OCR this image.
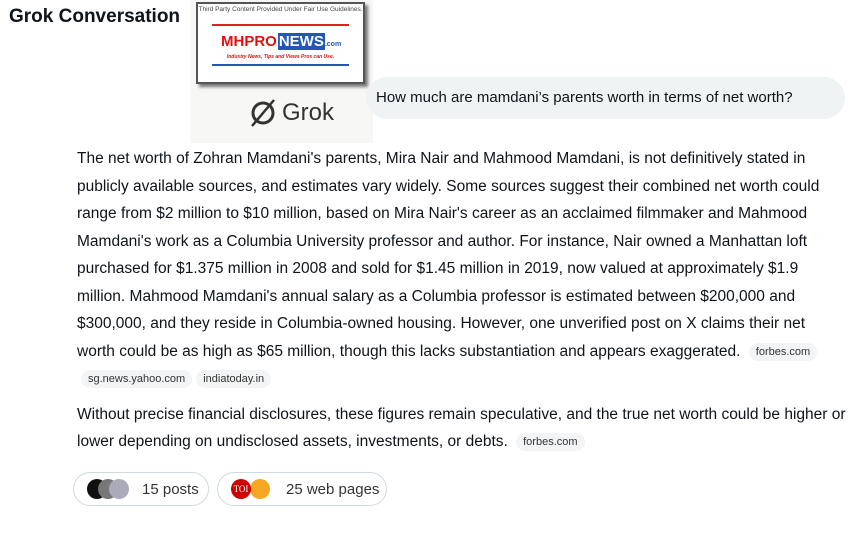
Grok Conversation	Third Party Content Provided Under Fair Use Guidelines.
MHPRO NEWS.com
Industry News, Tips and Views Pros can Use.
Grok
How much are mamdani’s parents worth in terms of net worth?

The net worth of Zohran Mamdani's parents, Mira Nair and Mahmood Mamdani, is not definitively stated in publicly available sources, and estimates vary widely. Some sources suggest their combined net worth could range from $2 million to $10 million, based on Mira Nair's career as an acclaimed filmmaker and Mahmood Mamdani's work as a Columbia University professor and author. For instance, Nair owned a Manhattan loft purchased for $1.375 million in 2008 and sold for $1.45 million in 2019, now valued at approximately $1.9 million. Mahmood Mamdani's annual salary as a Columbia professor is estimated between $200,000 and $300,000, and they reside in Columbia-owned housing. However, one unverified post on X claims their net worth could be as high as $65 million, though this lacks substantiation and appears exaggerated. forbes.comsg.news.yahoo.com indiatoday.in

Without precise financial disclosures, these figures remain speculative, and the true net worth could be higher or lower depending on undisclosed assets, investments, or debts. forbes.com

15 posts	TOI	25 web pages
